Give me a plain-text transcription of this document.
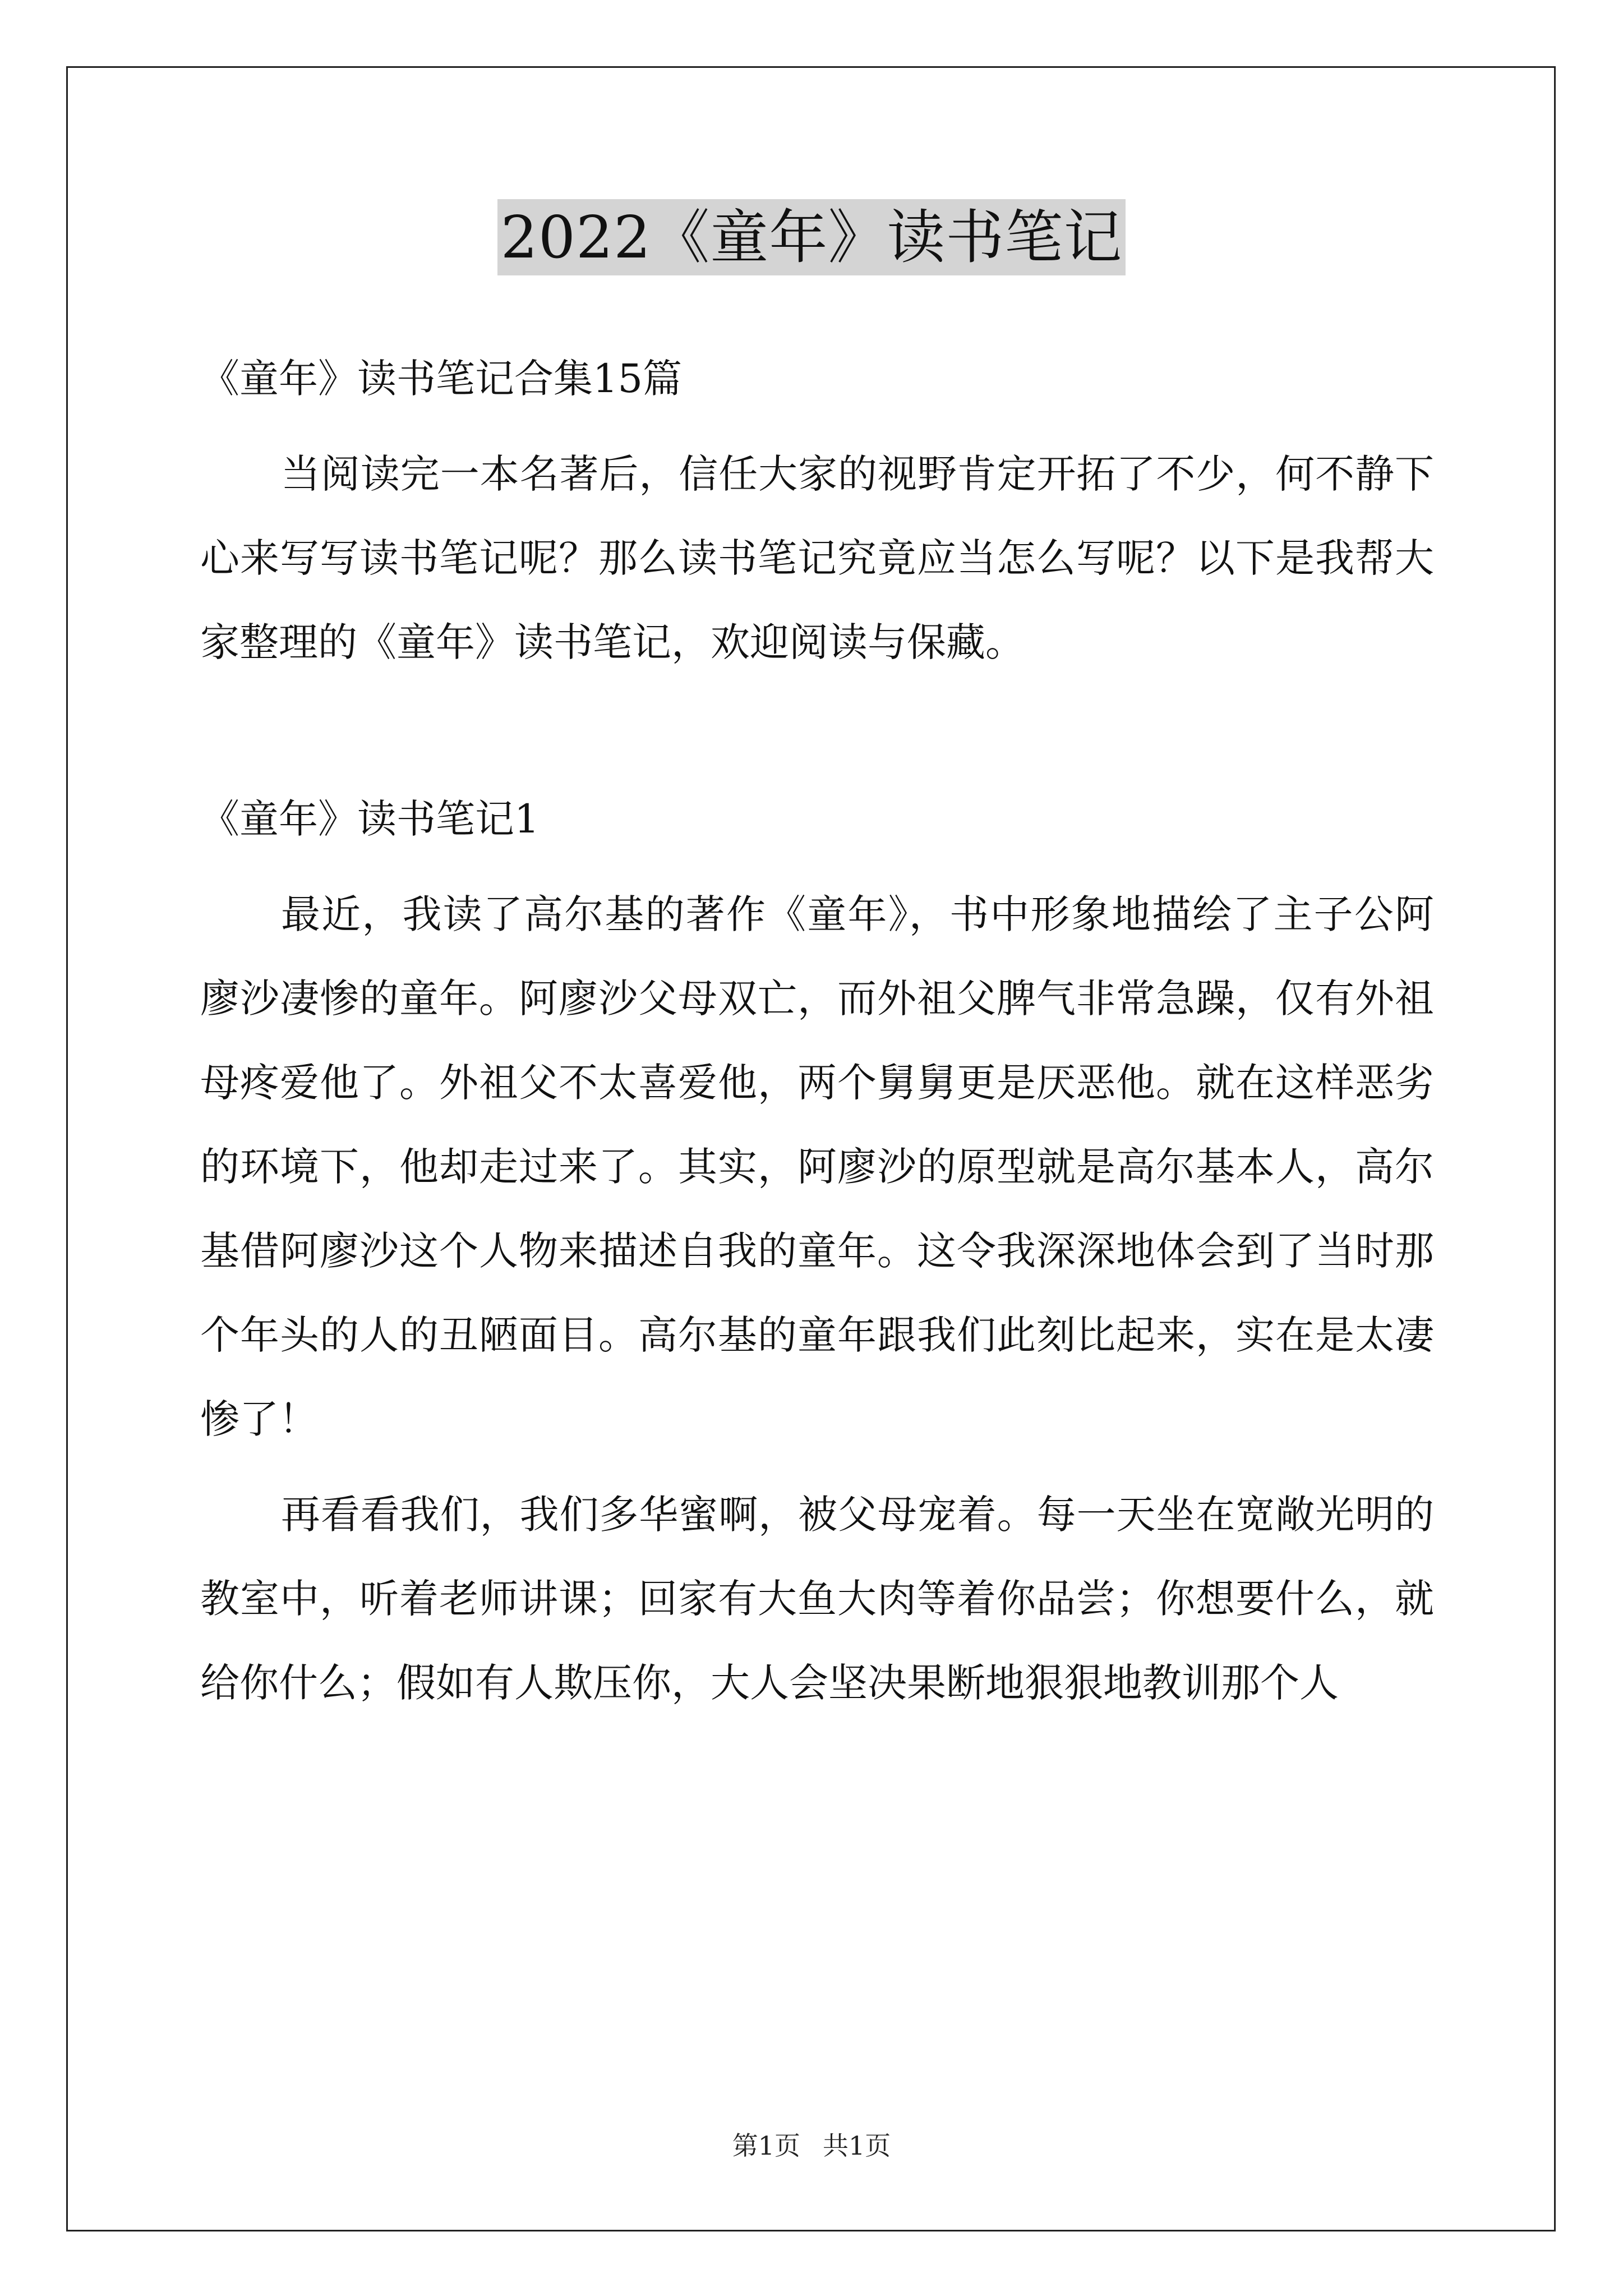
2022《童年》读书笔记

《童年》读书笔记合集15篇

当阅读完一本名著后，信任大家的视野肯定开拓了不少，何不静下心来写写读书笔记呢？那么读书笔记究竟应当怎么写呢？以下是我帮大家整理的《童年》读书笔记，欢迎阅读与保藏。

《童年》读书笔记1

最近，我读了高尔基的著作《童年》，书中形象地描绘了主子公阿廖沙凄惨的童年。阿廖沙父母双亡，而外祖父脾气非常急躁，仅有外祖母疼爱他了。外祖父不太喜爱他，两个舅舅更是厌恶他。就在这样恶劣的环境下，他却走过来了。其实，阿廖沙的原型就是高尔基本人，高尔基借阿廖沙这个人物来描述自我的童年。这令我深深地体会到了当时那个年头的人的丑陋面目。高尔基的童年跟我们此刻比起来，实在是太凄惨了！

再看看我们，我们多华蜜啊，被父母宠着。每一天坐在宽敞光明的教室中，听着老师讲课；回家有大鱼大肉等着你品尝；你想要什么，就给你什么；假如有人欺压你，大人会坚决果断地狠狠地教训那个人

第1页 共1页
